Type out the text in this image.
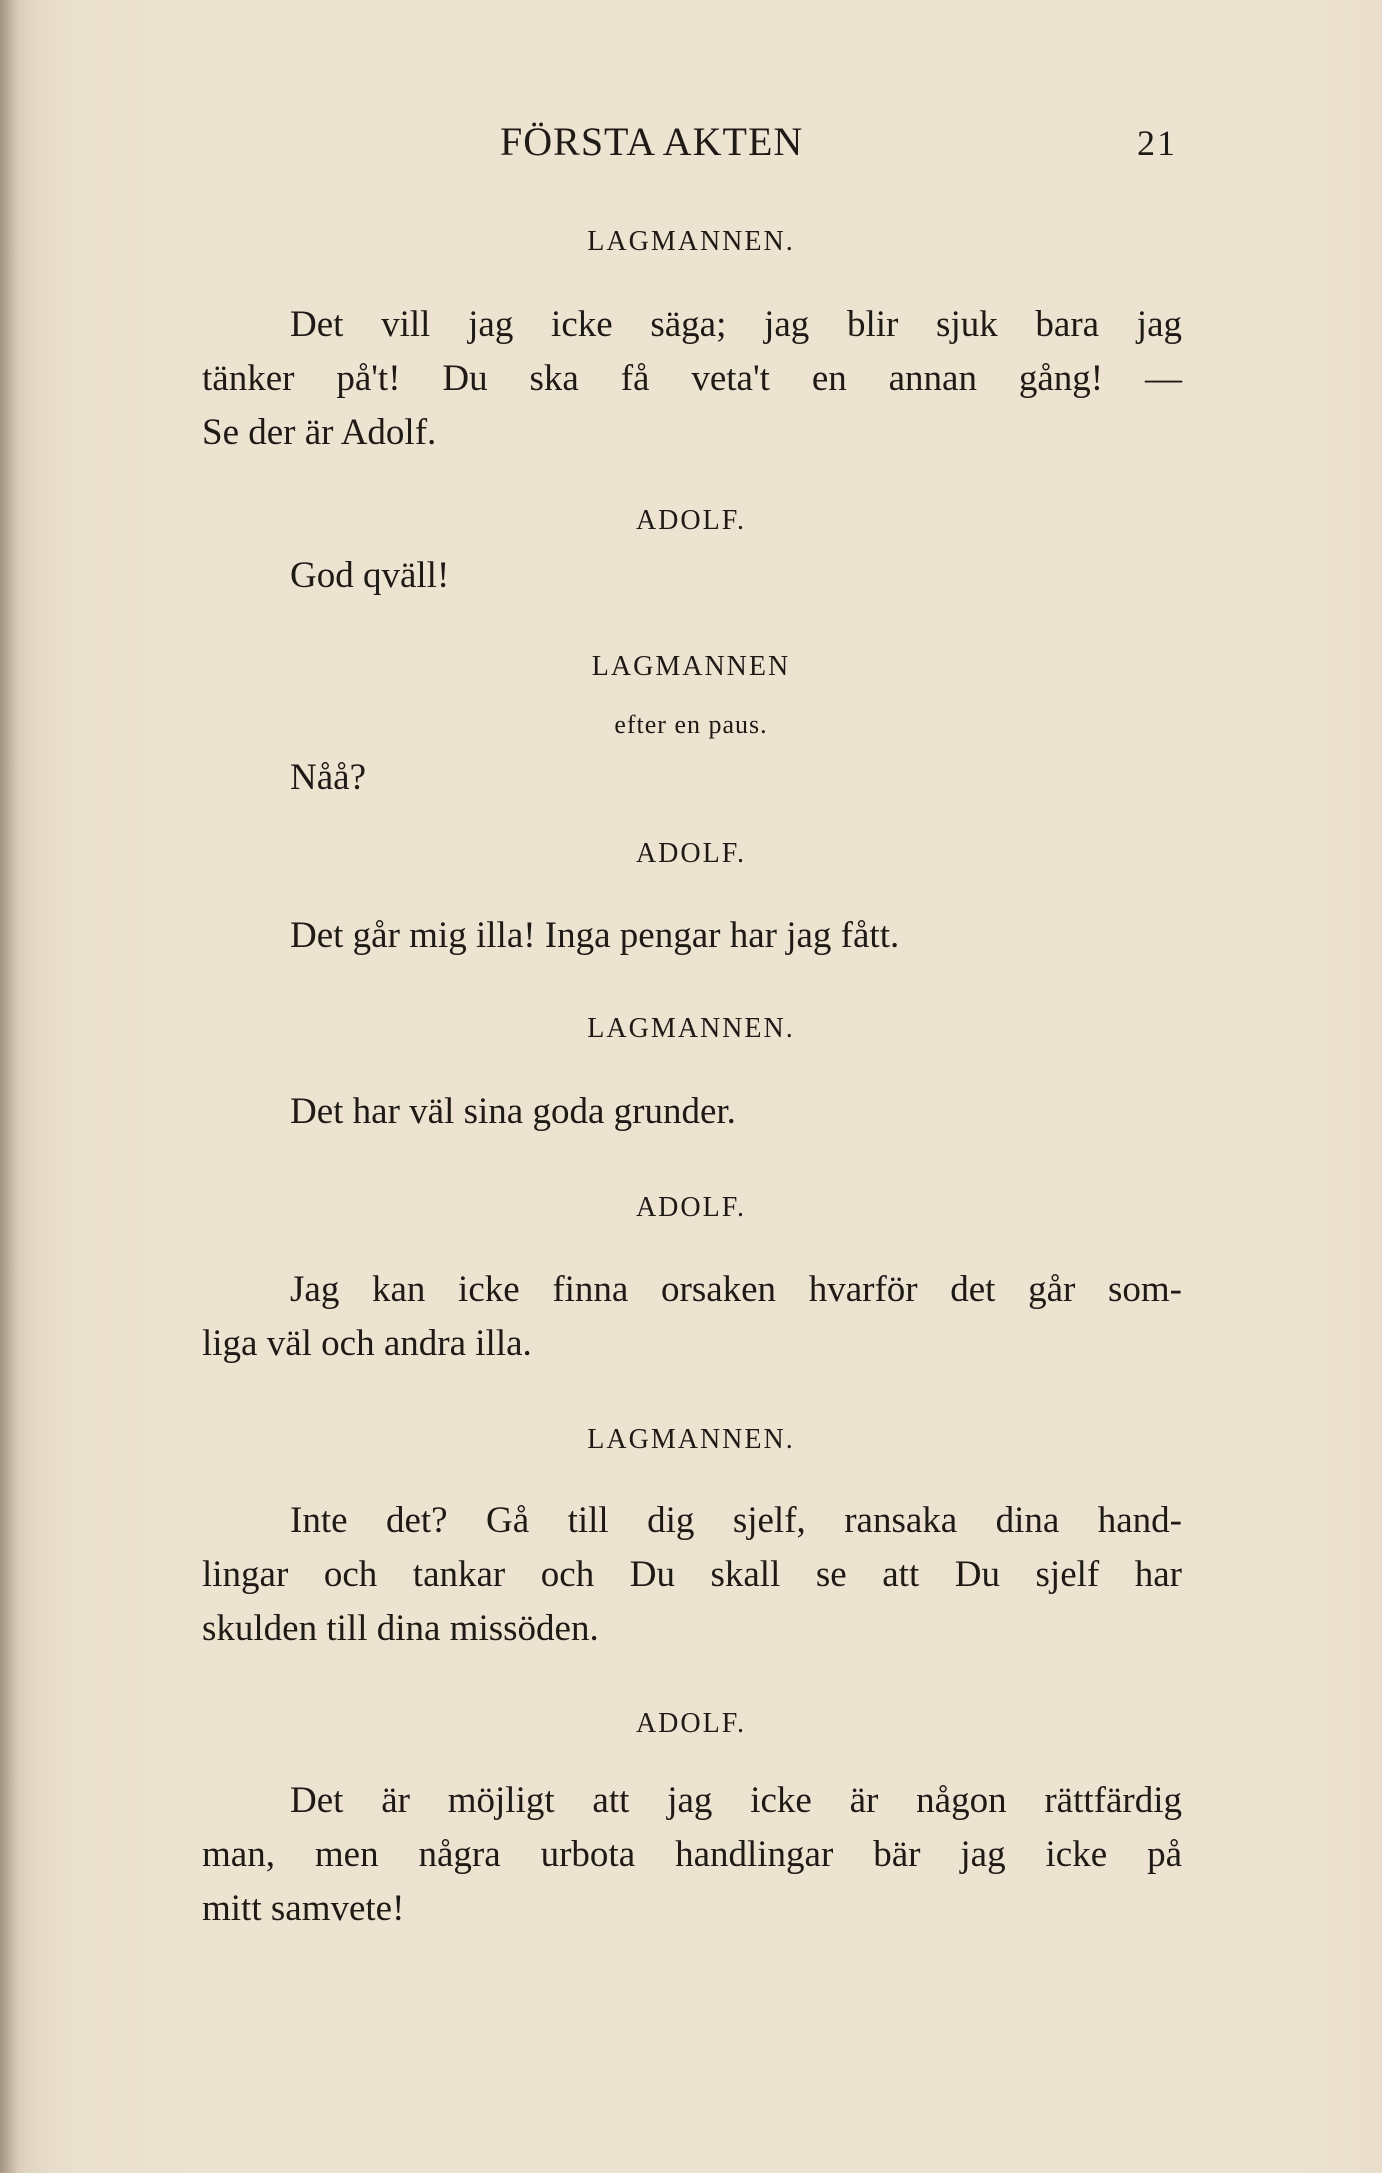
FÖRSTA AKTEN	21
LAGMANNEN.
Det vill jag icke säga; jag blir sjuk bara jag
tänker på't! Du ska få veta't en annan gång! —
Se der är Adolf.
ADOLF.
God qväll!
LAGMANNEN
efter en paus.
Nåå?
ADOLF.
Det går mig illa! Inga pengar har jag fått.
LAGMANNEN.
Det har väl sina goda grunder.
ADOLF.
Jag kan icke finna orsaken hvarför det går som-
liga väl och andra illa.
LAGMANNEN.
Inte det? Gå till dig sjelf, ransaka dina hand-
lingar och tankar och Du skall se att Du sjelf har
skulden till dina missöden.
ADOLF.
Det är möjligt att jag icke är någon rättfärdig
man, men några urbota handlingar bär jag icke på
mitt samvete!
